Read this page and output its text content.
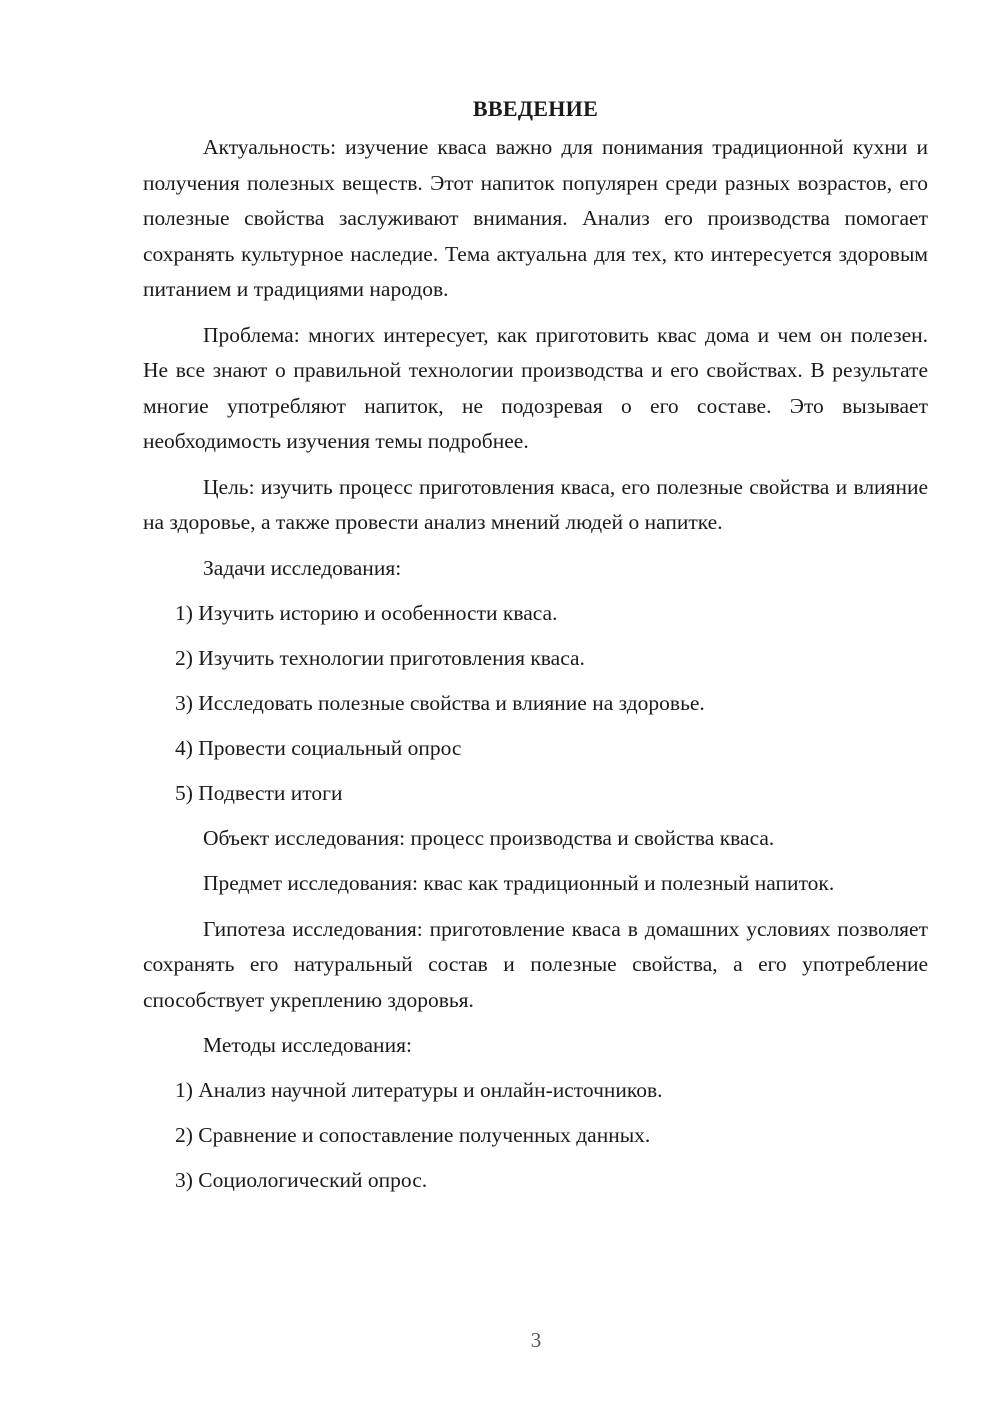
ВВЕДЕНИЕ

Актуальность: изучение кваса важно для понимания традиционной кухни и получения полезных веществ. Этот напиток популярен среди разных возрастов, его полезные свойства заслуживают внимания. Анализ его производства помогает сохранять культурное наследие. Тема актуальна для тех, кто интересуется здоровым питанием и традициями народов.

Проблема: многих интересует, как приготовить квас дома и чем он полезен. Не все знают о правильной технологии производства и его свойствах. В результате многие употребляют напиток, не подозревая о его составе. Это вызывает необходимость изучения темы подробнее.

Цель: изучить процесс приготовления кваса, его полезные свойства и влияние на здоровье, а также провести анализ мнений людей о напитке.

Задачи исследования:
1) Изучить историю и особенности кваса.
2) Изучить технологии приготовления кваса.
3) Исследовать полезные свойства и влияние на здоровье.
4) Провести социальный опрос
5) Подвести итоги

Объект исследования: процесс производства и свойства кваса.

Предмет исследования: квас как традиционный и полезный напиток.

Гипотеза исследования: приготовление кваса в домашних условиях позволяет сохранять его натуральный состав и полезные свойства, а его употребление способствует укреплению здоровья.

Методы исследования:
1) Анализ научной литературы и онлайн-источников.
2) Сравнение и сопоставление полученных данных.
3) Социологический опрос.
3
